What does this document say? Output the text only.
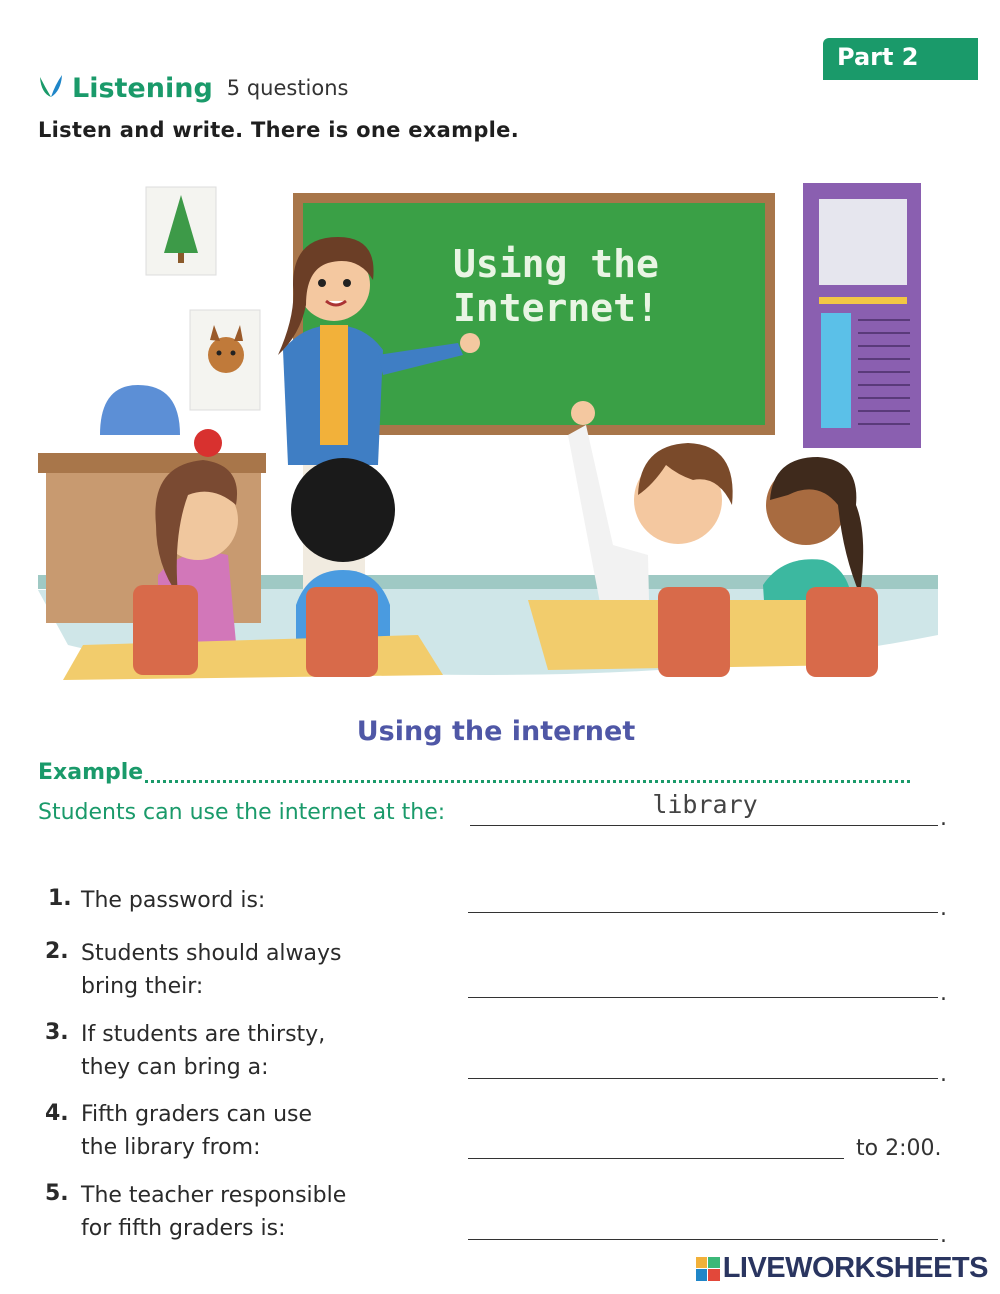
Part 2
Listening 5 questions
Listen and write. There is one example.
Using the
Internet!
Using the internet
Example
Students can use the internet at the:	library	.
1. The password is:	.
2. Students should always
bring their:	.
3. If students are thirsty,
they can bring a:	.
4. Fifth graders can use
the library from:	to 2:00.
5. The teacher responsible
for fifth graders is:	.
LIVEWORKSHEETS
